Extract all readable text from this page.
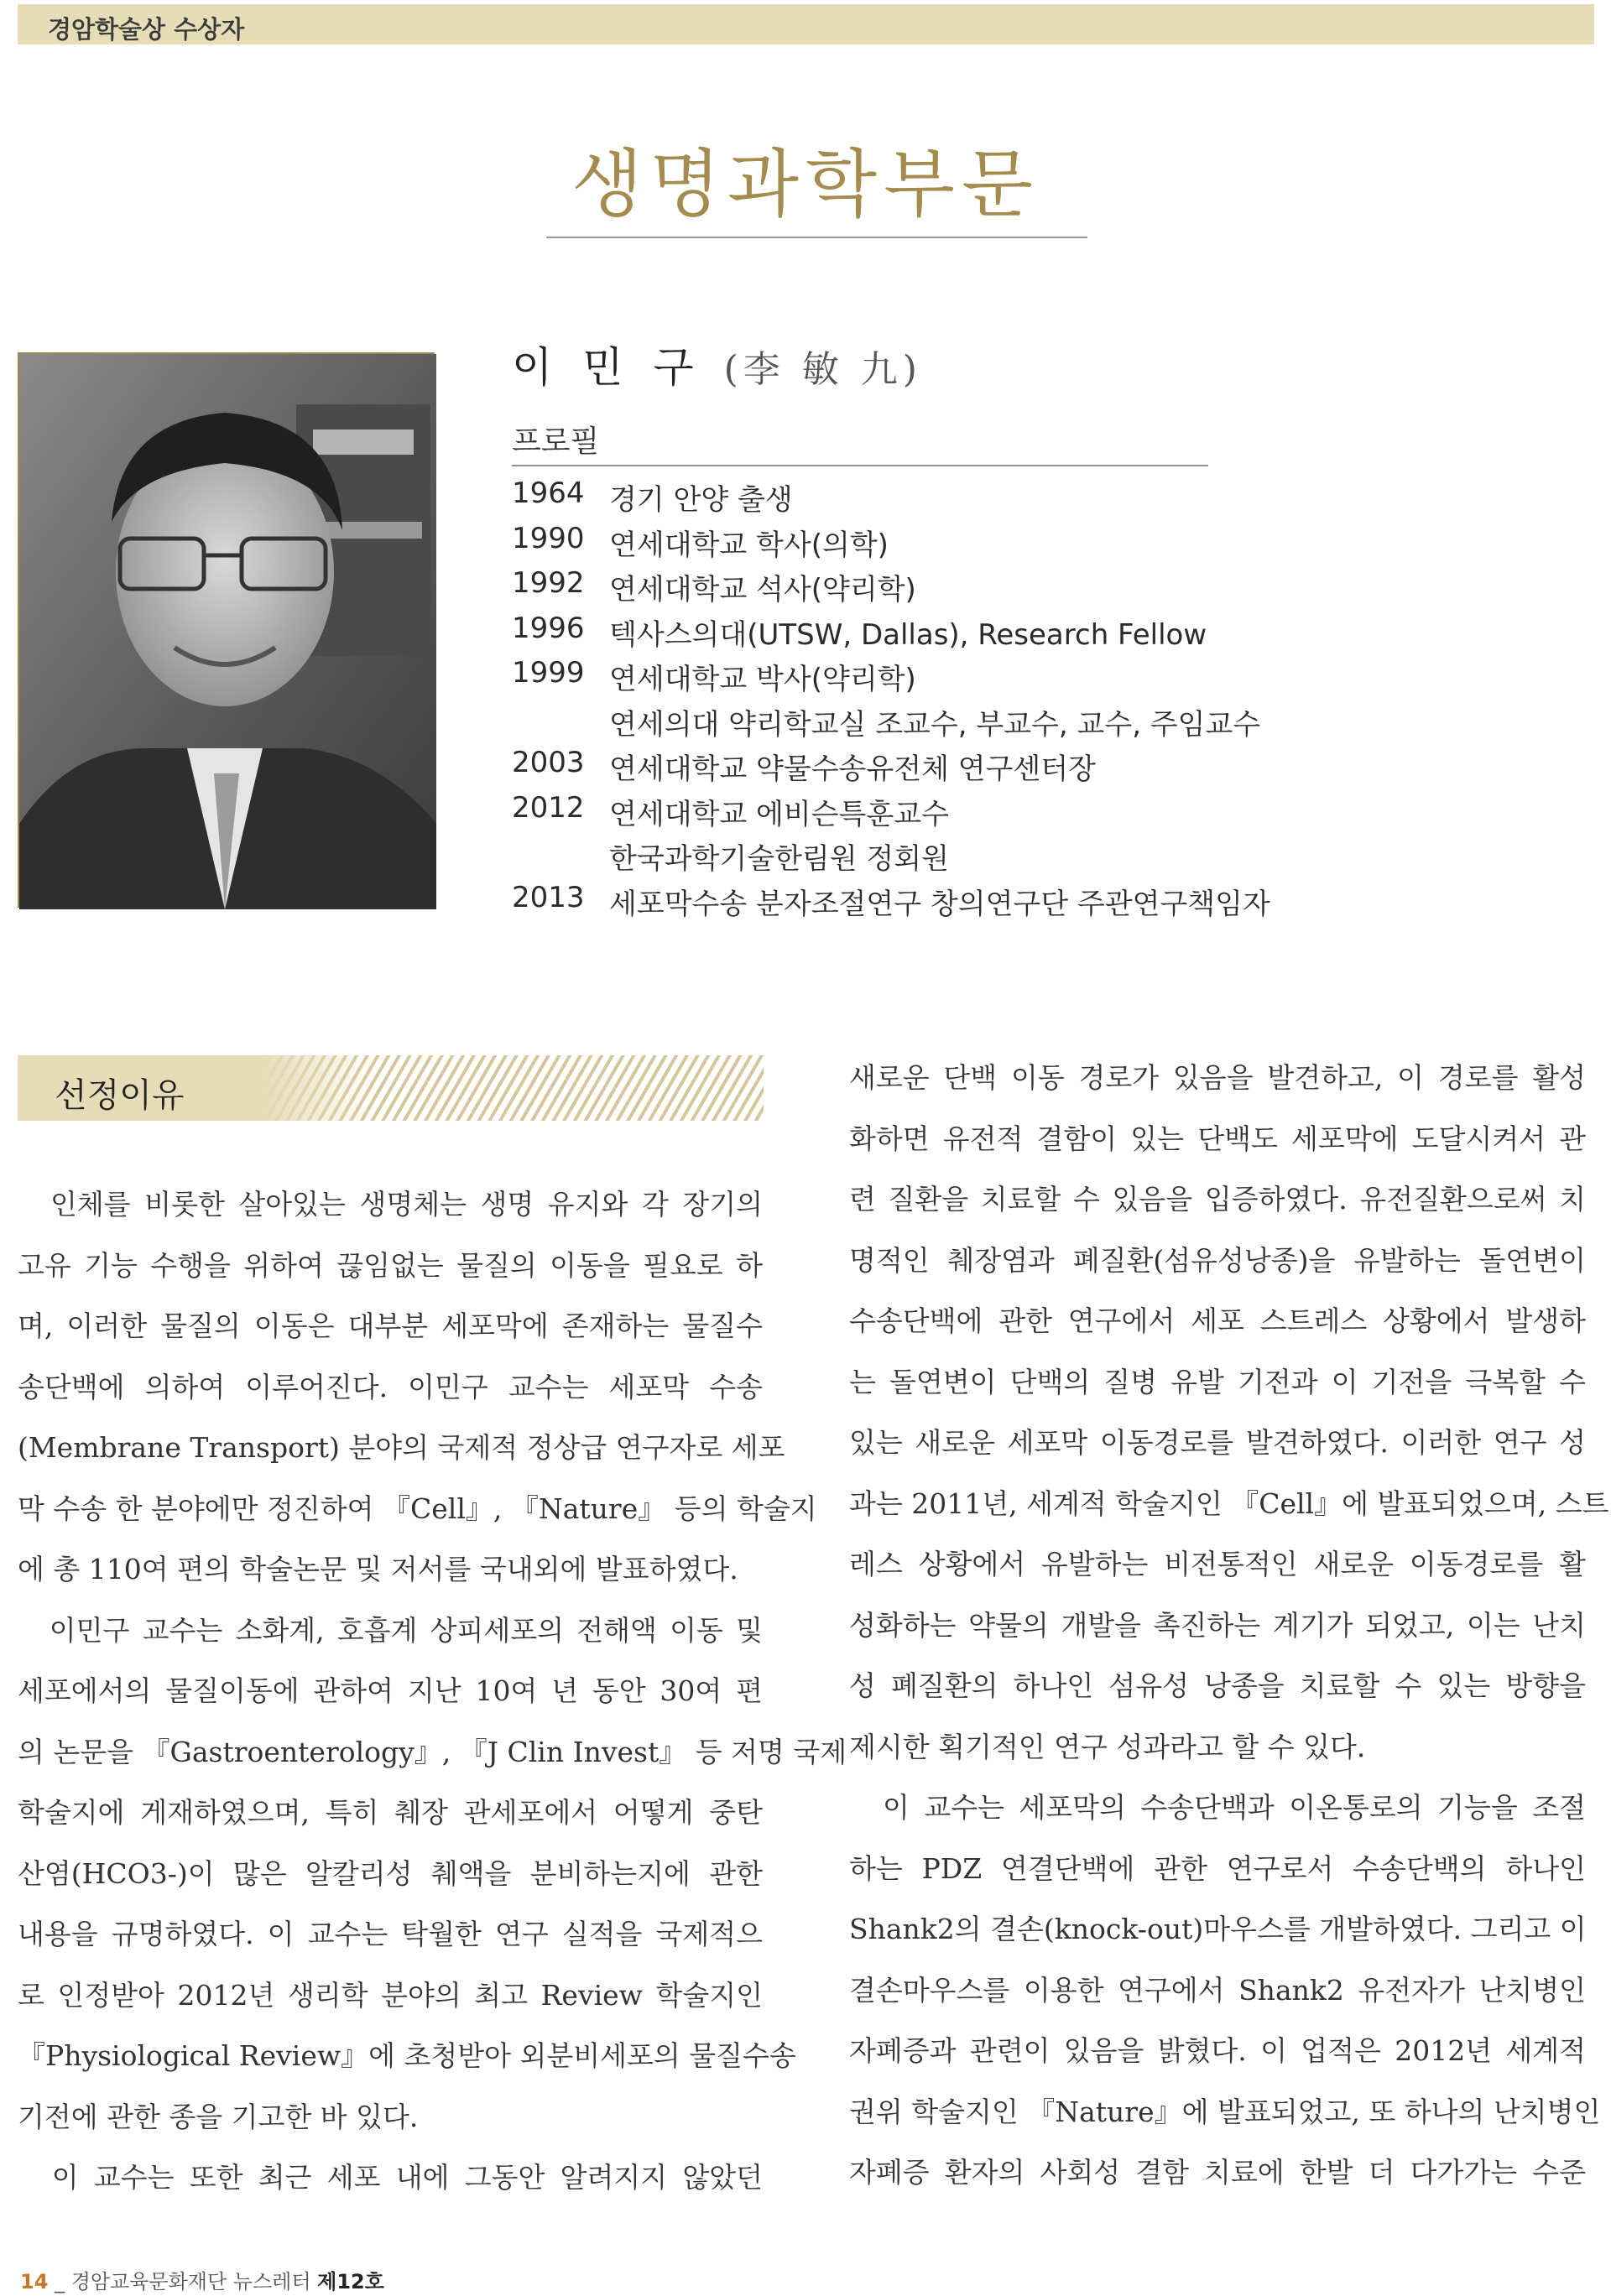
경암학술상 수상자
생명과학부문
이 민 구 (李 敏 九)
프로필
1964 경기 안양 출생
1990 연세대학교 학사(의학)
1992 연세대학교 석사(약리학)
1996 텍사스의대(UTSW, Dallas), Research Fellow
1999 연세대학교 박사(약리학)
연세의대 약리학교실 조교수, 부교수, 교수, 주임교수
2003 연세대학교 약물수송유전체 연구센터장
2012 연세대학교 에비슨특훈교수
한국과학기술한림원 정회원
2013 세포막수송 분자조절연구 창의연구단 주관연구책임자
선정이유
　인체를 비롯한 살아있는 생명체는 생명 유지와 각 장기의
고유 기능 수행을 위하여 끊임없는 물질의 이동을 필요로 하
며, 이러한 물질의 이동은 대부분 세포막에 존재하는 물질수
송단백에 의하여 이루어진다. 이민구 교수는 세포막 수송
(Membrane Transport) 분야의 국제적 정상급 연구자로 세포
막 수송 한 분야에만 정진하여 『Cell』, 『Nature』 등의 학술지
에 총 110여 편의 학술논문 및 저서를 국내외에 발표하였다.
　이민구 교수는 소화계, 호흡계 상피세포의 전해액 이동 및
세포에서의 물질이동에 관하여 지난 10여 년 동안 30여 편
의 논문을 『Gastroenterology』, 『J Clin Invest』 등 저명 국제
학술지에 게재하였으며, 특히 췌장 관세포에서 어떻게 중탄
산염(HCO3-)이 많은 알칼리성 췌액을 분비하는지에 관한
내용을 규명하였다. 이 교수는 탁월한 연구 실적을 국제적으
로 인정받아 2012년 생리학 분야의 최고 Review 학술지인
『Physiological Review』에 초청받아 외분비세포의 물질수송
기전에 관한 종을 기고한 바 있다.
　이 교수는 또한 최근 세포 내에 그동안 알려지지 않았던
새로운 단백 이동 경로가 있음을 발견하고, 이 경로를 활성
화하면 유전적 결함이 있는 단백도 세포막에 도달시켜서 관
련 질환을 치료할 수 있음을 입증하였다. 유전질환으로써 치
명적인 췌장염과 폐질환(섬유성낭종)을 유발하는 돌연변이
수송단백에 관한 연구에서 세포 스트레스 상황에서 발생하
는 돌연변이 단백의 질병 유발 기전과 이 기전을 극복할 수
있는 새로운 세포막 이동경로를 발견하였다. 이러한 연구 성
과는 2011년, 세계적 학술지인 『Cell』에 발표되었으며, 스트
레스 상황에서 유발하는 비전통적인 새로운 이동경로를 활
성화하는 약물의 개발을 촉진하는 계기가 되었고, 이는 난치
성 폐질환의 하나인 섬유성 낭종을 치료할 수 있는 방향을
제시한 획기적인 연구 성과라고 할 수 있다.
　이 교수는 세포막의 수송단백과 이온통로의 기능을 조절
하는 PDZ 연결단백에 관한 연구로서 수송단백의 하나인
Shank2의 결손(knock-out)마우스를 개발하였다. 그리고 이
결손마우스를 이용한 연구에서 Shank2 유전자가 난치병인
자폐증과 관련이 있음을 밝혔다. 이 업적은 2012년 세계적
권위 학술지인 『Nature』에 발표되었고, 또 하나의 난치병인
자폐증 환자의 사회성 결함 치료에 한발 더 다가가는 수준
14 _ 경암교육문화재단 뉴스레터 제12호
